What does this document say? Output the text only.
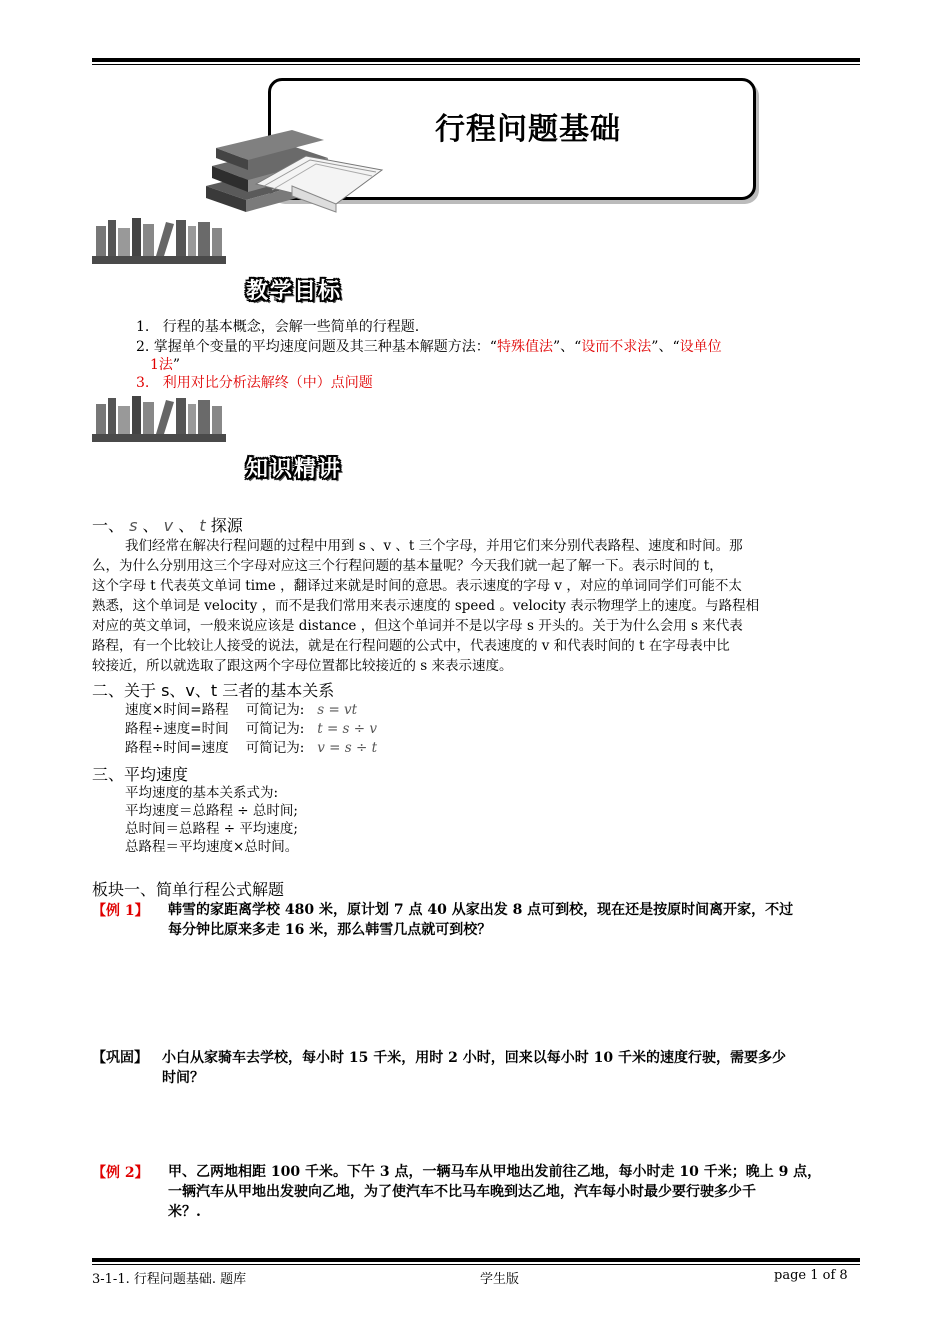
行程问题基础
教学目标
1.   行程的基本概念，会解一些简单的行程题.
2. 掌握单个变量的平均速度问题及其三种基本解题方法：“特殊值法”、“设而不求法”、“设单位
1法”
3.   利用对比分析法解终（中）点问题
知识精讲
一、 s 、 v 、 t 探源
我们经常在解决行程问题的过程中用到 s 、v 、t 三个字母，并用它们来分别代表路程、速度和时间。那
么，为什么分别用这三个字母对应这三个行程问题的基本量呢？今天我们就一起了解一下。表示时间的 t，
这个字母 t 代表英文单词 time ，翻译过来就是时间的意思。表示速度的字母 v ，对应的单词同学们可能不太
熟悉，这个单词是 velocity ，而不是我们常用来表示速度的 speed 。velocity 表示物理学上的速度。与路程相
对应的英文单词，一般来说应该是 distance ，但这个单词并不是以字母 s 开头的。关于为什么会用 s 来代表
路程，有一个比较让人接受的说法，就是在行程问题的公式中，代表速度的 v 和代表时间的 t 在字母表中比
较接近，所以就选取了跟这两个字母位置都比较接近的 s 来表示速度。
二、关于 s、v、t 三者的基本关系
速度×时间=路程 可简记为: s = vt
路程÷速度=时间 可简记为: t = s ÷ v
路程÷时间=速度 可简记为: v = s ÷ t
三、平均速度
平均速度的基本关系式为:
平均速度＝总路程 ÷ 总时间;
总时间＝总路程 ÷ 平均速度;
总路程＝平均速度×总时间。
板块一、简单行程公式解题
【例 1】 韩雪的家距离学校 480 米，原计划 7 点 40 从家出发 8 点可到校，现在还是按原时间离开家，不过
每分钟比原来多走 16 米，那么韩雪几点就可到校？
【巩固】 小白从家骑车去学校，每小时 15 千米，用时 2 小时，回来以每小时 10 千米的速度行驶，需要多少
时间？
【例 2】 甲、乙两地相距 100 千米。下午 3 点，一辆马车从甲地出发前往乙地，每小时走 10 千米；晚上 9 点，
一辆汽车从甲地出发驶向乙地，为了使汽车不比马车晚到达乙地，汽车每小时最少要行驶多少千
米？.
3-1-1. 行程问题基础. 题库	学生版	page 1 of 8
